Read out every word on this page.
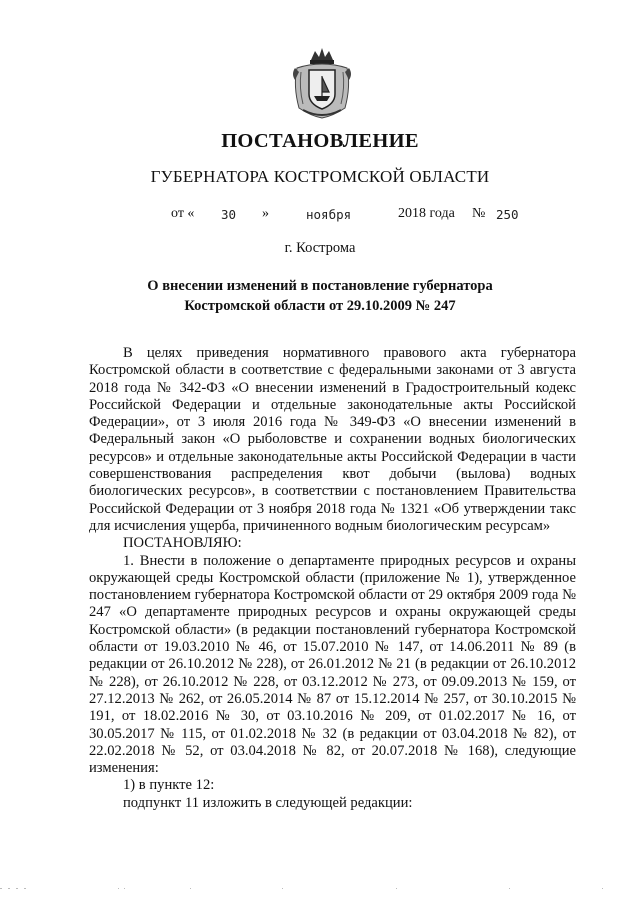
ПОСТАНОВЛЕНИЕ
ГУБЕРНАТОРА КОСТРОМСКОЙ ОБЛАСТИ
от « 30 »	ноября	2018 года № 250
г. Кострома
О внесении изменений в постановление губернатора
Костромской области от 29.10.2009 № 247

В целях приведения нормативного правового акта губернатора Костромской области в соответствие с федеральными законами от 3 августа 2018 года № 342-ФЗ «О внесении изменений в Градостроительный кодекс Российской Федерации и отдельные законодательные акты Российской Федерации», от 3 июля 2016 года № 349-ФЗ «О внесении изменений в Федеральный закон «О рыболовстве и сохранении водных биологических ресурсов» и отдельные законодательные акты Российской Федерации в части совершенствования распределения квот добычи (вылова) водных биологических ресурсов», в соответствии с постановлением Правительства Российской Федерации от 3 ноября 2018 года № 1321 «Об утверждении такс для исчисления ущерба, причиненного водным биологическим ресурсам»

ПОСТАНОВЛЯЮ:

1. Внести в положение о департаменте природных ресурсов и охраны окружающей среды Костромской области (приложение № 1), утвержденное постановлением губернатора Костромской области от 29 октября 2009 года № 247 «О департаменте природных ресурсов и охраны окружающей среды Костромской области» (в редакции постановлений губернатора Костромской области от 19.03.2010 № 46, от 15.07.2010 № 147, от 14.06.2011 № 89 (в редакции от 26.10.2012 № 228), от 26.01.2012 № 21 (в редакции от 26.10.2012 № 228), от 26.10.2012 № 228, от 03.12.2012 № 273, от 09.09.2013 № 159, от 27.12.2013 № 262, от 26.05.2014 № 87 от 15.12.2014 № 257, от 30.10.2015 № 191, от 18.02.2016 № 30, от 03.10.2016 № 209, от 01.02.2017 № 16, от 30.05.2017 № 115, от 01.02.2018 № 32 (в редакции от 03.04.2018 № 82), от 22.02.2018 № 52, от 03.04.2018 № 82, от 20.07.2018 № 168), следующие изменения:

1) в пункте 12:

подпункт 11 изложить в следующей редакции:
